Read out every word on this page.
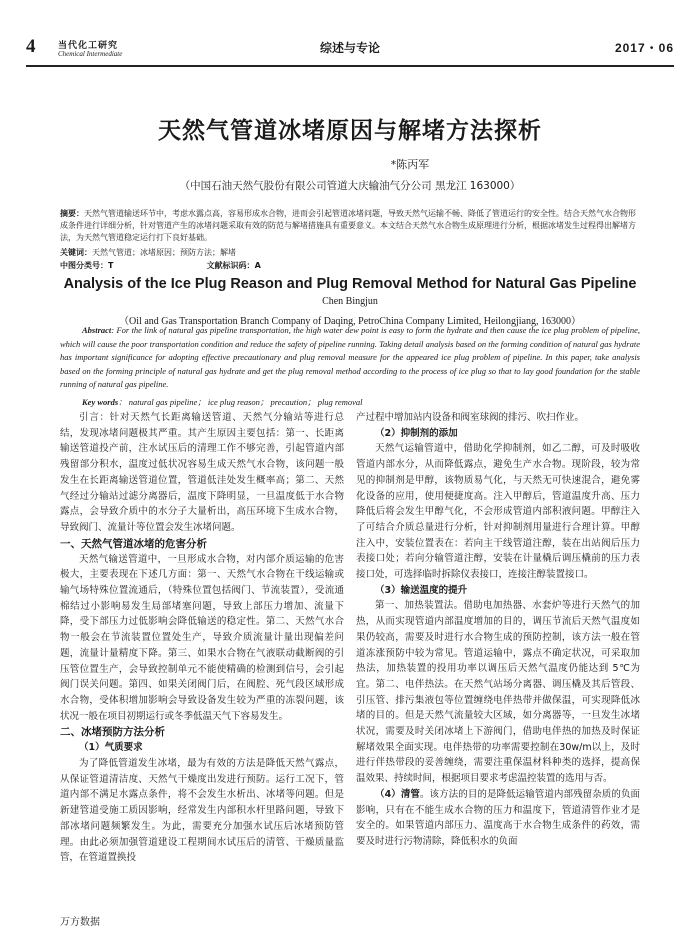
4	当代化工研究
Chemical Intermediate	综述与专论	2017・06
天然气管道冰堵原因与解堵方法探析
*陈丙军
（中国石油天然气股份有限公司管道大庆输油气分公司 黑龙江 163000）
摘要：天然气管道输送环节中，考虑水露点高，容易形成水合物，进而会引起管道冰堵问题，导致天然气运输不畅、降低了管道运行的安全性。结合天然气水合物形成条件进行详细分析，针对管道产生的冰堵问题采取有效的防范与解堵措施具有重要意义。本文结合天然气水合物生成原理进行分析，根据冰堵发生过程得出解堵方法，为天然气管道稳定运行打下良好基础。
关键词：天然气管道；冰堵原因；预防方法；解堵
中图分类号：T	文献标识码：A
Analysis of the Ice Plug Reason and Plug Removal Method for Natural Gas Pipeline
Chen Bingjun
（Oil and Gas Transportation Branch Company of Daqing, PetroChina Company Limited, Heilongjiang, 163000）
Abstract: For the link of natural gas pipeline transportation, the high water dew point is easy to form the hydrate and then cause the ice plug problem of pipeline, which will cause the poor transportation condition and reduce the safety of pipeline running. Taking detail analysis based on the forming condition of natural gas hydrate has important significance for adopting effective precautionary and plug removal measure for the appeared ice plug problem of pipeline. In this paper, take analysis based on the forming principle of natural gas hydrate and get the plug removal method according to the process of ice plug so that to lay good foundation for the stable running of natural gas pipeline.
Key words： natural gas pipeline； ice plug reason； precaution； plug removal

引言：针对天然气长距离输送管道、天然气分输站等进行总结，发现冰堵问题极其严重。其产生原因主要包括：第一、长距离输送管道投产前，注水试压后的清理工作不够完善，引起管道内部残留部分积水，温度过低状况容易生成天然气水合物，该问题一般发生在长距离输送管道位置，管道低洼处发生概率高；第二、天然气经过分输站过滤分离器后，温度下降明显，一旦温度低于水合物露点，会导致介质中的水分子大量析出，高压环境下生成水合物，导致阀门、流量计等位置会发生冰堵问题。

一、天然气管道冰堵的危害分析

天然气输送管道中，一旦形成水合物，对内部介质运输的危害极大，主要表现在下述几方面：第一、天然气水合物在干线运输或输气场特殊位置流通后，（特殊位置包括阀门、节流装置），受流通棉结过小影响易发生局部堵塞问题，导致上部压力增加、流量下降，受下部压力过低影响会降低输送的稳定性。第二、天然气水合物一般会在节流装置位置处生产，导致介质流量计量出现偏差问题，流量计量精度下降。第三、如果水合物在气液联动截断阀的引压管位置生产，会导致控制单元不能使精确的检测到信号，会引起阀门误关问题。第四、如果关闭阀门后，在阀腔、死气段区域形成水合物，受体积增加影响会导致设备发生较为严重的冻裂问题，该状况一般在项目初期运行或冬季低温天气下容易发生。

二、冰堵预防方法分析
（1）气质要求

为了降低管道发生冰堵，最为有效的方法是降低天然气露点，从保证管道清洁度、天然气干燥度出发进行预防。运行工况下，管道内部不满足水露点条件，将不会发生水析出、冰堵等问题。但是新建管道受施工质因影响，经常发生内部积水杆里路问题，导致下部冰堵问题频繁发生。为此，需要充分加强水试压后冰堵预防管理。由此必须加强管道建设工程期间水试压后的清管、干燥质量监管，在管道置换投

产过程中增加站内设备和阀室球阀的排污、吹扫作业。

（2）抑制剂的添加

天然气运输管道中，借助化学抑制剂，如乙二醇，可及时吸收管道内部水分，从而降低露点，避免生产水合物。现阶段，较为常见的抑制剂是甲醇，该物质易气化，与天然无可快速混合，避免雾化设备的应用，使用便捷度高。注入甲醇后，管道温度升高、压力降低后将会发生甲醇气化，不会形成管道内部积液问题。甲醇注入了可结合介质总量进行分析，针对抑制剂用量进行合理计算。甲醇注入中，安装位置表在：若向主干线管道注醇，装在出站阀后压力表接口处；若向分输管道注醇，安装在计量橇后调压橇前的压力表接口处，可选择临时拆除仪表接口，连接注醇装置接口。

（3）输送温度的提升

第一、加热装置法。借助电加热器、水套炉等进行天然气的加热，从而实现管道内部温度增加的目的，调压节流后天然气温度如果仍较高，需要及时进行水合物生成的预防控制，该方法一般在管道冻涨预防中较为常见。管道运输中，露点不确定状况，可采取加热法，加热装置的投用功率以调压后天然气温度仍能达到 5℃为宜。第二、电伴热法。在天然气站场分离器、调压橇及其后管段、引压管、排污集液包等位置缠绕电伴热带并做保温，可实现降低冰堵的目的。但是天然气流量较大区域，如分离器等，一旦发生冰堵状况，需要及时关闭冰堵上下游阀门，借助电伴热的加热及时保证解堵效果全面实现。电伴热带的功率需要控制在30w/m以上，及时进行伴热带段的妥善缠绕，需要注重保温材料种类的选择，提高保温效果、持续时间，根据项目要求考虑温控装置的选用与否。

（4）清管。该方法的目的是降低运输管道内部残留杂质的负面影响，只有在不能生成水合物的压力和温度下，管道清管作业才是安全的。如果管道内部压力、温度高于水合物生成条件的药效，需要及时进行污物清除，降低积水的负面

万方数据
